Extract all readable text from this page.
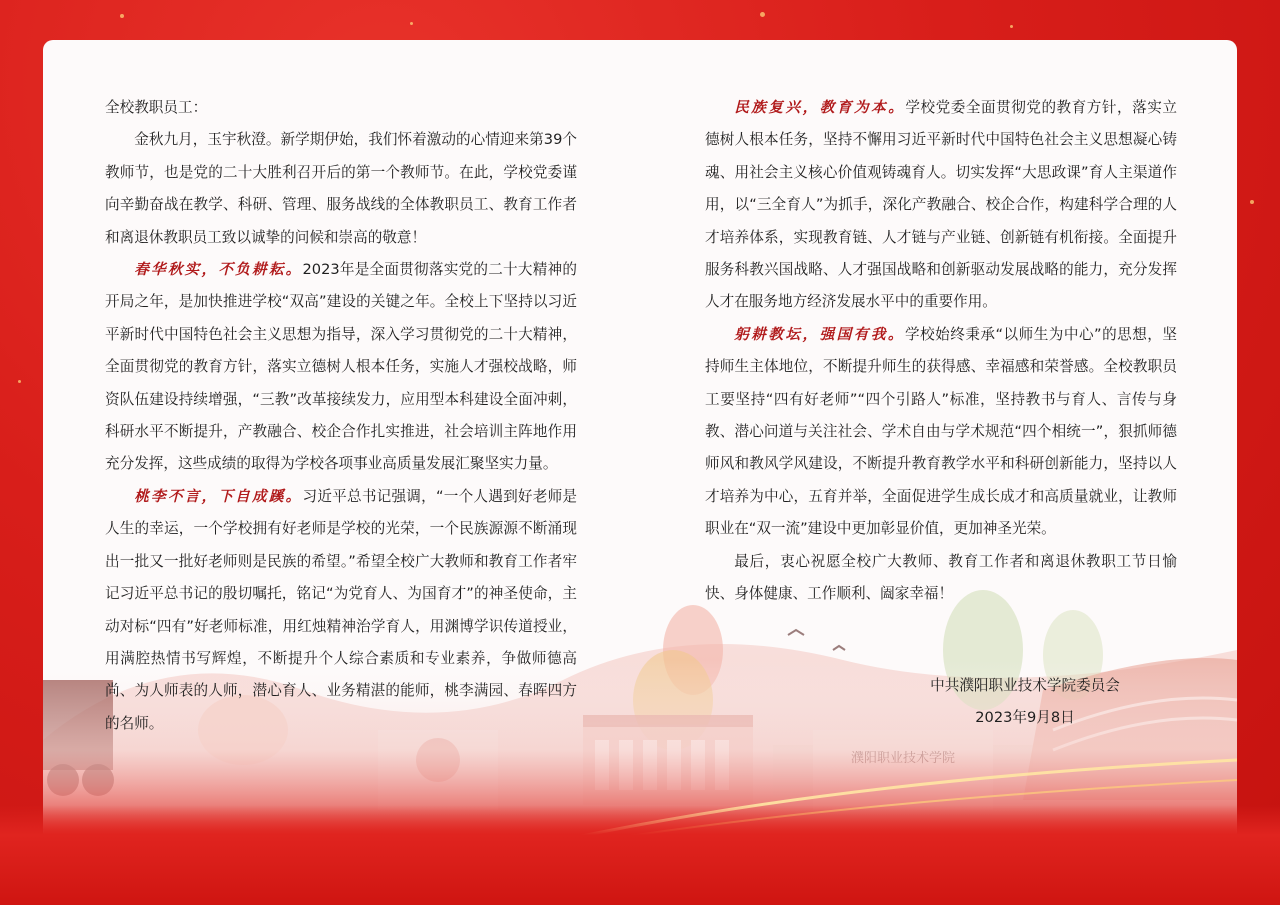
全校教职员工：

金秋九月，玉宇秋澄。新学期伊始，我们怀着激动的心情迎来第39个教师节，也是党的二十大胜利召开后的第一个教师节。在此，学校党委谨向辛勤奋战在教学、科研、管理、服务战线的全体教职员工、教育工作者和离退休教职员工致以诚挚的问候和崇高的敬意！

春华秋实，不负耕耘。2023年是全面贯彻落实党的二十大精神的开局之年，是加快推进学校“双高”建设的关键之年。全校上下坚持以习近平新时代中国特色社会主义思想为指导，深入学习贯彻党的二十大精神，全面贯彻党的教育方针，落实立德树人根本任务，实施人才强校战略，师资队伍建设持续增强，“三教”改革接续发力，应用型本科建设全面冲刺，科研水平不断提升，产教融合、校企合作扎实推进，社会培训主阵地作用充分发挥，这些成绩的取得为学校各项事业高质量发展汇聚坚实力量。

桃李不言，下自成蹊。习近平总书记强调，“一个人遇到好老师是人生的幸运，一个学校拥有好老师是学校的光荣，一个民族源源不断涌现出一批又一批好老师则是民族的希望。”希望全校广大教师和教育工作者牢记习近平总书记的殷切嘱托，铭记“为党育人、为国育才”的神圣使命，主动对标“四有”好老师标准，用红烛精神治学育人，用渊博学识传道授业，用满腔热情书写辉煌，不断提升个人综合素质和专业素养，争做师德高尚、为人师表的人师，潜心育人、业务精湛的能师，桃李满园、春晖四方的名师。

民族复兴，教育为本。学校党委全面贯彻党的教育方针，落实立德树人根本任务，坚持不懈用习近平新时代中国特色社会主义思想凝心铸魂、用社会主义核心价值观铸魂育人。切实发挥“大思政课”育人主渠道作用，以“三全育人”为抓手，深化产教融合、校企合作，构建科学合理的人才培养体系，实现教育链、人才链与产业链、创新链有机衔接。全面提升服务科教兴国战略、人才强国战略和创新驱动发展战略的能力，充分发挥人才在服务地方经济发展水平中的重要作用。

躬耕教坛，强国有我。学校始终秉承“以师生为中心”的思想，坚持师生主体地位，不断提升师生的获得感、幸福感和荣誉感。全校教职员工要坚持“四有好老师”“四个引路人”标准，坚持教书与育人、言传与身教、潜心问道与关注社会、学术自由与学术规范“四个相统一”，狠抓师德师风和教风学风建设，不断提升教育教学水平和科研创新能力，坚持以人才培养为中心，五育并举，全面促进学生成长成才和高质量就业，让教师职业在“双一流”建设中更加彰显价值，更加神圣光荣。

最后，衷心祝愿全校广大教师、教育工作者和离退休教职工节日愉快、身体健康、工作顺利、阖家幸福！

中共濮阳职业技术学院委员会
2023年9月8日
